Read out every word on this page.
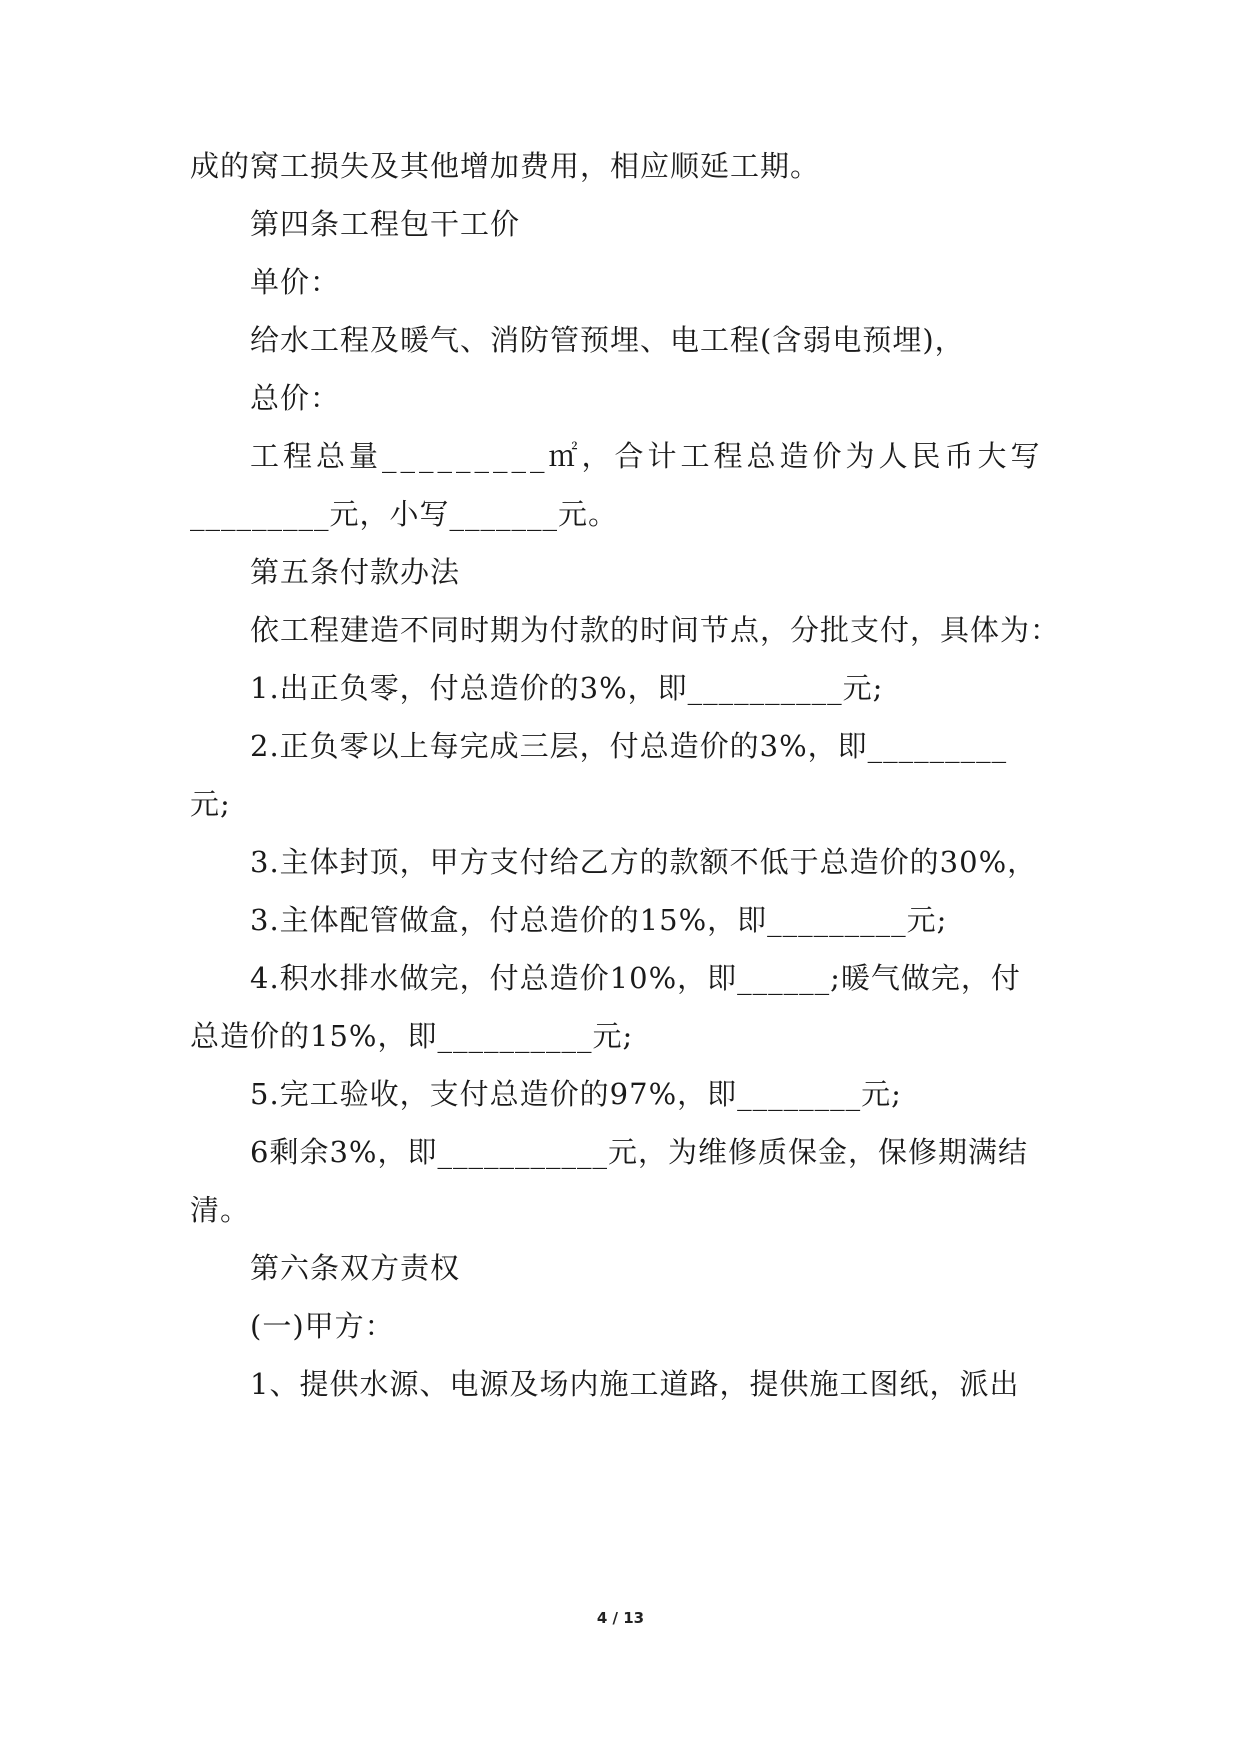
成的窝工损失及其他增加费用，相应顺延工期。
第四条工程包干工价
单价：
给水工程及暖气、消防管预埋、电工程(含弱电预埋)，
总价：
工程总量_________㎡，合计工程总造价为人民币大写
_________元，小写_______元。
第五条付款办法
依工程建造不同时期为付款的时间节点，分批支付，具体为：
1.出正负零，付总造价的3%，即__________元;
2.正负零以上每完成三层，付总造价的3%，即_________
元;
3.主体封顶，甲方支付给乙方的款额不低于总造价的30%，
3.主体配管做盒，付总造价的15%，即_________元;
4.积水排水做完，付总造价10%，即______;暖气做完，付
总造价的15%，即__________元;
5.完工验收，支付总造价的97%，即________元;
6剩余3%，即___________元，为维修质保金，保修期满结
清。
第六条双方责权
(一)甲方：
1、提供水源、电源及场内施工道路，提供施工图纸，派出
4 / 13
